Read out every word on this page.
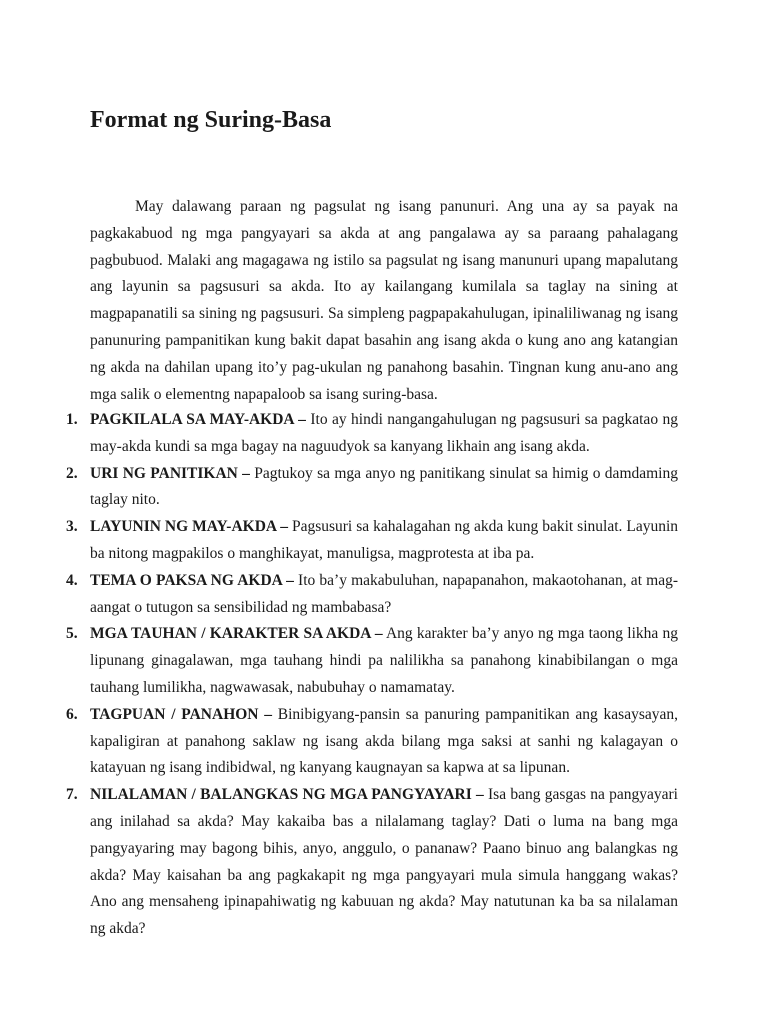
Format ng Suring-Basa

May dalawang paraan ng pagsulat ng isang panunuri. Ang una ay sa payak na pagkakabuod ng mga pangyayari sa akda at ang pangalawa ay sa paraang pahalagang pagbubuod. Malaki ang magagawa ng istilo sa pagsulat ng isang manunuri upang mapalutang ang layunin sa pagsusuri sa akda. Ito ay kailangang kumilala sa taglay na sining at magpapanatili sa sining ng pagsusuri. Sa simpleng pagpapakahulugan, ipinaliliwanag ng isang panunuring pampanitikan kung bakit dapat basahin ang isang akda o kung ano ang katangian ng akda na dahilan upang ito’y pag-ukulan ng panahong basahin. Tingnan kung anu-ano ang mga salik o elementng napapaloob sa isang suring-basa.

1. PAGKILALA SA MAY-AKDA – Ito ay hindi nangangahulugan ng pagsusuri sa pagkatao ng may-akda kundi sa mga bagay na naguudyok sa kanyang likhain ang isang akda.
2. URI NG PANITIKAN – Pagtukoy sa mga anyo ng panitikang sinulat sa himig o damdaming taglay nito.
3. LAYUNIN NG MAY-AKDA – Pagsusuri sa kahalagahan ng akda kung bakit sinulat. Layunin ba nitong magpakilos o manghikayat, manuligsa, magprotesta at iba pa.
4. TEMA O PAKSA NG AKDA – Ito ba’y makabuluhan, napapanahon, makaotohanan, at mag-aangat o tutugon sa sensibilidad ng mambabasa?
5. MGA TAUHAN / KARAKTER SA AKDA – Ang karakter ba’y anyo ng mga taong likha ng lipunang ginagalawan, mga tauhang hindi pa nalilikha sa panahong kinabibilangan o mga tauhang lumilikha, nagwawasak, nabubuhay o namamatay.
6. TAGPUAN / PANAHON – Binibigyang-pansin sa panuring pampanitikan ang kasaysayan, kapaligiran at panahong saklaw ng isang akda bilang mga saksi at sanhi ng kalagayan o katayuan ng isang indibidwal, ng kanyang kaugnayan sa kapwa at sa lipunan.
7. NILALAMAN / BALANGKAS NG MGA PANGYAYARI – Isa bang gasgas na pangyayari ang inilahad sa akda? May kakaiba bas a nilalamang taglay? Dati o luma na bang mga pangyayaring may bagong bihis, anyo, anggulo, o pananaw? Paano binuo ang balangkas ng akda? May kaisahan ba ang pagkakapit ng mga pangyayari mula simula hanggang wakas? Ano ang mensaheng ipinapahiwatig ng kabuuan ng akda? May natutunan ka ba sa nilalaman ng akda?
